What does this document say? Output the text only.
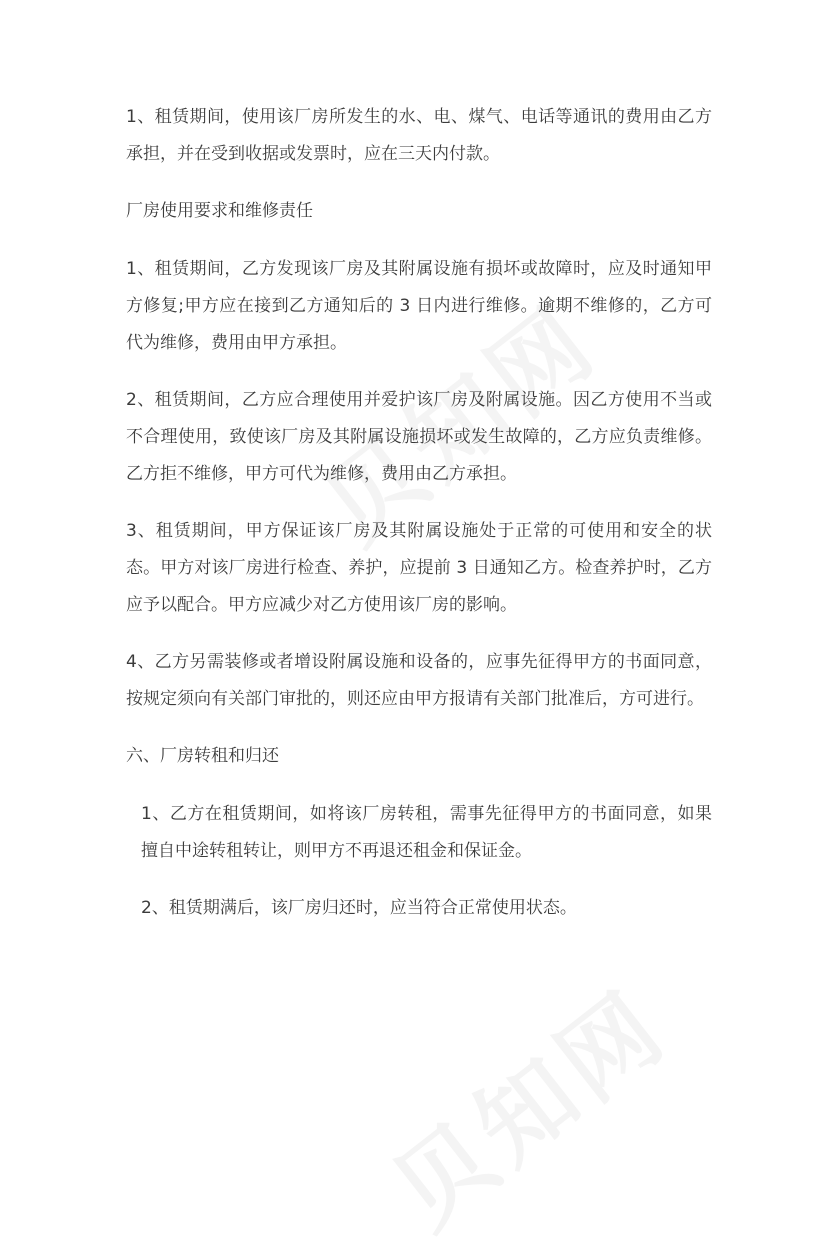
1、租赁期间，使用该厂房所发生的水、电、煤气、电话等通讯的费用由乙方承担，并在受到收据或发票时，应在三天内付款。

厂房使用要求和维修责任

1、租赁期间，乙方发现该厂房及其附属设施有损坏或故障时，应及时通知甲方修复;甲方应在接到乙方通知后的 3 日内进行维修。逾期不维修的，乙方可代为维修，费用由甲方承担。

2、租赁期间，乙方应合理使用并爱护该厂房及附属设施。因乙方使用不当或不合理使用，致使该厂房及其附属设施损坏或发生故障的，乙方应负责维修。乙方拒不维修，甲方可代为维修，费用由乙方承担。

3、租赁期间，甲方保证该厂房及其附属设施处于正常的可使用和安全的状态。甲方对该厂房进行检查、养护，应提前 3 日通知乙方。检查养护时，乙方应予以配合。甲方应减少对乙方使用该厂房的影响。

4、乙方另需装修或者增设附属设施和设备的，应事先征得甲方的书面同意，按规定须向有关部门审批的，则还应由甲方报请有关部门批准后，方可进行。

六、厂房转租和归还

1、乙方在租赁期间，如将该厂房转租，需事先征得甲方的书面同意，如果擅自中途转租转让，则甲方不再退还租金和保证金。

2、租赁期满后，该厂房归还时，应当符合正常使用状态。
